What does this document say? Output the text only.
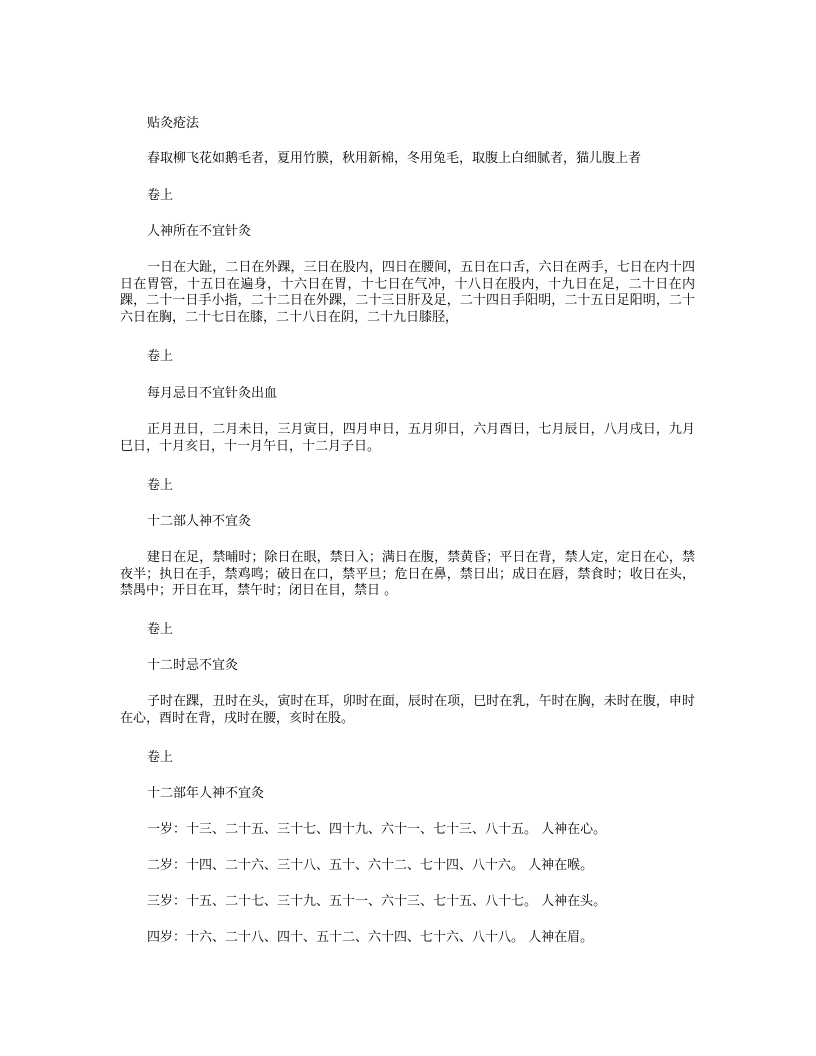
贴灸疮法

春取柳飞花如鹅毛者，夏用竹膜，秋用新棉，冬用兔毛，取腹上白细腻者，猫儿腹上者

卷上

人神所在不宜针灸

一日在大趾，二日在外踝，三日在股内，四日在腰间，五日在口舌，六日在两手，七日在内十四日在胃管，十五日在遍身，十六日在胃，十七日在气冲，十八日在股内，十九日在足，二十日在内踝，二十一日手小指，二十二日在外踝，二十三日肝及足，二十四日手阳明，二十五日足阳明，二十六日在胸，二十七日在膝，二十八日在阴，二十九日膝胫，

卷上

每月忌日不宜针灸出血

正月丑日，二月未日，三月寅日，四月申日，五月卯日，六月酉日，七月辰日，八月戌日，九月巳日，十月亥日，十一月午日，十二月子日。

卷上

十二部人神不宜灸

建日在足，禁晡时；除日在眼，禁日入；满日在腹，禁黄昏；平日在背，禁人定，定日在心，禁夜半；执日在手，禁鸡鸣；破日在口，禁平旦；危日在鼻，禁日出；成日在唇，禁食时；收日在头，禁禺中；开日在耳，禁午时；闭日在目，禁日 。

卷上

十二时忌不宜灸

子时在踝，丑时在头，寅时在耳，卯时在面，辰时在项，巳时在乳，午时在胸，未时在腹，申时在心，酉时在背，戌时在腰，亥时在股。

卷上

十二部年人神不宜灸

一岁：十三、二十五、三十七、四十九、六十一、七十三、八十五。 人神在心。

二岁：十四、二十六、三十八、五十、六十二、七十四、八十六。 人神在喉。

三岁：十五、二十七、三十九、五十一、六十三、七十五、八十七。 人神在头。

四岁：十六、二十八、四十、五十二、六十四、七十六、八十八。 人神在眉。
